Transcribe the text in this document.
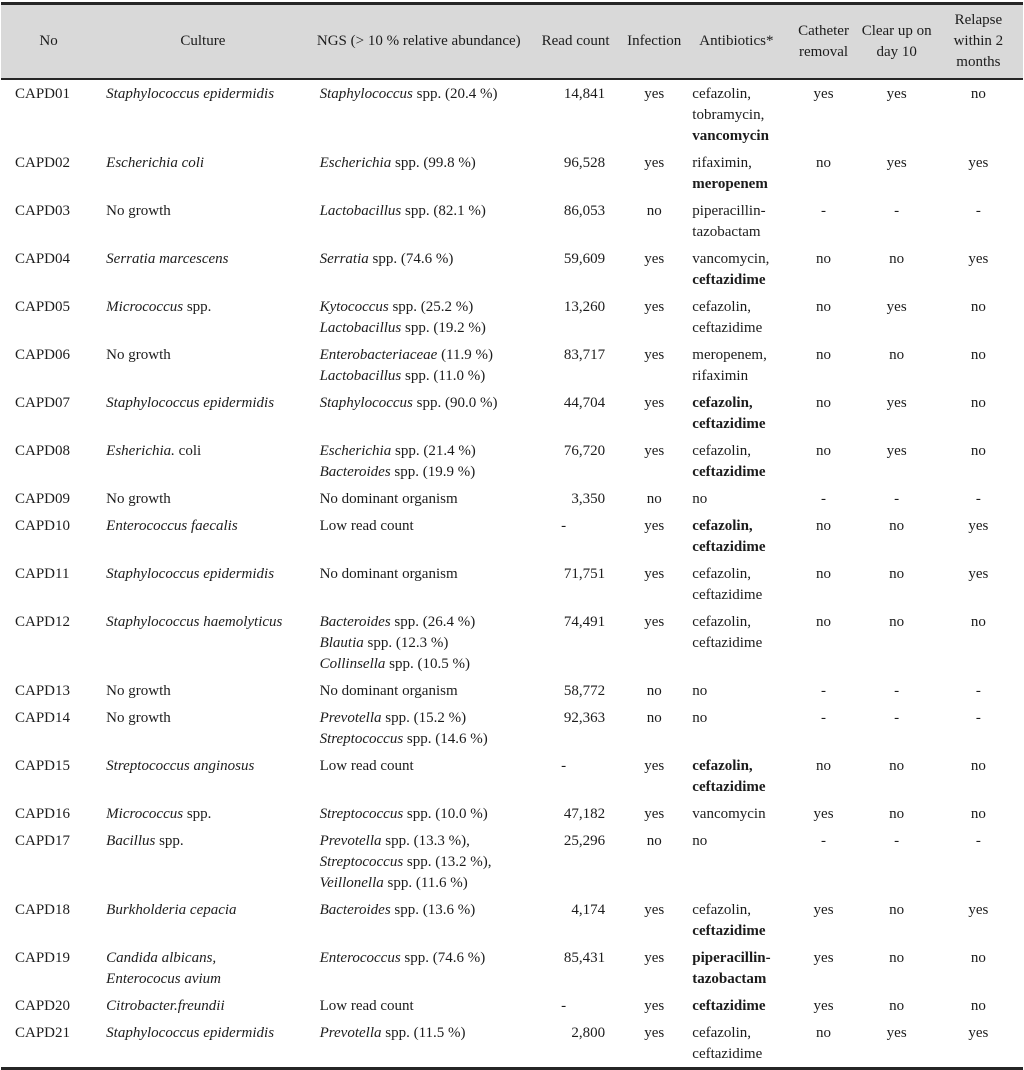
No	Culture	NGS (> 10 % relative abundance)	Read count	Infection	Antibiotics*	Catheter removal	Clear up on day 10	Relapse within 2 months
CAPD01	Staphylococcus epidermidis	Staphylococcus spp. (20.4 %)	14,841	yes	cefazolin,
tobramycin,
vancomycin	yes	yes	no
CAPD02	Escherichia coli	Escherichia spp. (99.8 %)	96,528	yes	rifaximin,
meropenem	no	yes	yes
CAPD03	No growth	Lactobacillus spp. (82.1 %)	86,053	no	piperacillin-
tazobactam	-	-	-
CAPD04	Serratia marcescens	Serratia spp. (74.6 %)	59,609	yes	vancomycin,
ceftazidime	no	no	yes
CAPD05	Micrococcus spp.	Kytococcus spp. (25.2 %)
Lactobacillus spp. (19.2 %)	13,260	yes	cefazolin,
ceftazidime	no	yes	no
CAPD06	No growth	Enterobacteriaceae (11.9 %)
Lactobacillus spp. (11.0 %)	83,717	yes	meropenem,
rifaximin	no	no	no
CAPD07	Staphylococcus epidermidis	Staphylococcus spp. (90.0 %)	44,704	yes	cefazolin,
ceftazidime	no	yes	no
CAPD08	Esherichia. coli	Escherichia spp. (21.4 %)
Bacteroides spp. (19.9 %)	76,720	yes	cefazolin,
ceftazidime	no	yes	no
CAPD09	No growth	No dominant organism	3,350	no	no	-	-	-
CAPD10	Enterococcus faecalis	Low read count	-	yes	cefazolin,
ceftazidime	no	no	yes
CAPD11	Staphylococcus epidermidis	No dominant organism	71,751	yes	cefazolin,
ceftazidime	no	no	yes
CAPD12	Staphylococcus haemolyticus	Bacteroides spp. (26.4 %)
Blautia spp. (12.3 %)
Collinsella spp. (10.5 %)	74,491	yes	cefazolin,
ceftazidime	no	no	no
CAPD13	No growth	No dominant organism	58,772	no	no	-	-	-
CAPD14	No growth	Prevotella spp. (15.2 %)
Streptococcus spp. (14.6 %)	92,363	no	no	-	-	-
CAPD15	Streptococcus anginosus	Low read count	-	yes	cefazolin,
ceftazidime	no	no	no
CAPD16	Micrococcus spp.	Streptococcus spp. (10.0 %)	47,182	yes	vancomycin	yes	no	no
CAPD17	Bacillus spp.	Prevotella spp. (13.3 %),
Streptococcus spp. (13.2 %),
Veillonella spp. (11.6 %)	25,296	no	no	-	-	-
CAPD18	Burkholderia cepacia	Bacteroides spp. (13.6 %)	4,174	yes	cefazolin,
ceftazidime	yes	no	yes
CAPD19	Candida albicans,
Enterococus avium	Enterococcus spp. (74.6 %)	85,431	yes	piperacillin-
tazobactam	yes	no	no
CAPD20	Citrobacter.freundii	Low read count	-	yes	ceftazidime	yes	no	no
CAPD21	Staphylococcus epidermidis	Prevotella spp. (11.5 %)	2,800	yes	cefazolin,
ceftazidime	no	yes	yes
